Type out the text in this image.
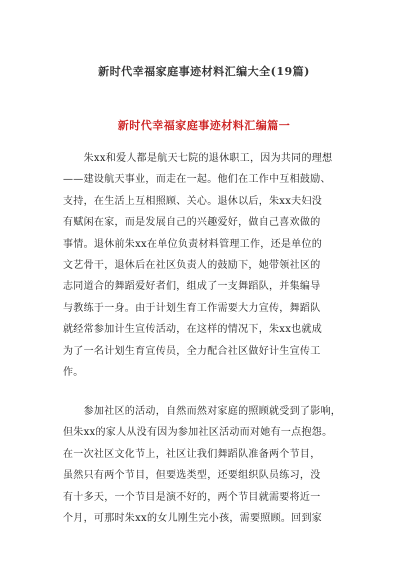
新时代幸福家庭事迹材料汇编大全(19篇)
新时代幸福家庭事迹材料汇编篇一
　　朱xx和爱人都是航天七院的退休职工，因为共同的理想
——建设航天事业，而走在一起。他们在工作中互相鼓励、
支持，在生活上互相照顾、关心。退休以后，朱xx夫妇没
有赋闲在家，而是发展自己的兴趣爱好，做自己喜欢做的
事情。退休前朱xx在单位负责材料管理工作，还是单位的
文艺骨干，退休后在社区负责人的鼓励下，她带领社区的
志同道合的舞蹈爱好者们，组成了一支舞蹈队，并集编导
与教练于一身。由于计划生育工作需要大力宣传，舞蹈队
就经常参加计生宣传活动，在这样的情况下，朱xx也就成
为了一名计划生育宣传员，全力配合社区做好计生宣传工
作。
　　参加社区的活动，自然而然对家庭的照顾就受到了影响，
但朱xx的家人从没有因为参加社区活动而对她有一点抱怨。
在一次社区文化节上，社区让我们舞蹈队准备两个节目，
虽然只有两个节目，但要选类型，还要组织队员练习，没
有十多天，一个节目是演不好的，两个节目就需要将近一
个月，可那时朱xx的女儿刚生完小孩，需要照顾。回到家
